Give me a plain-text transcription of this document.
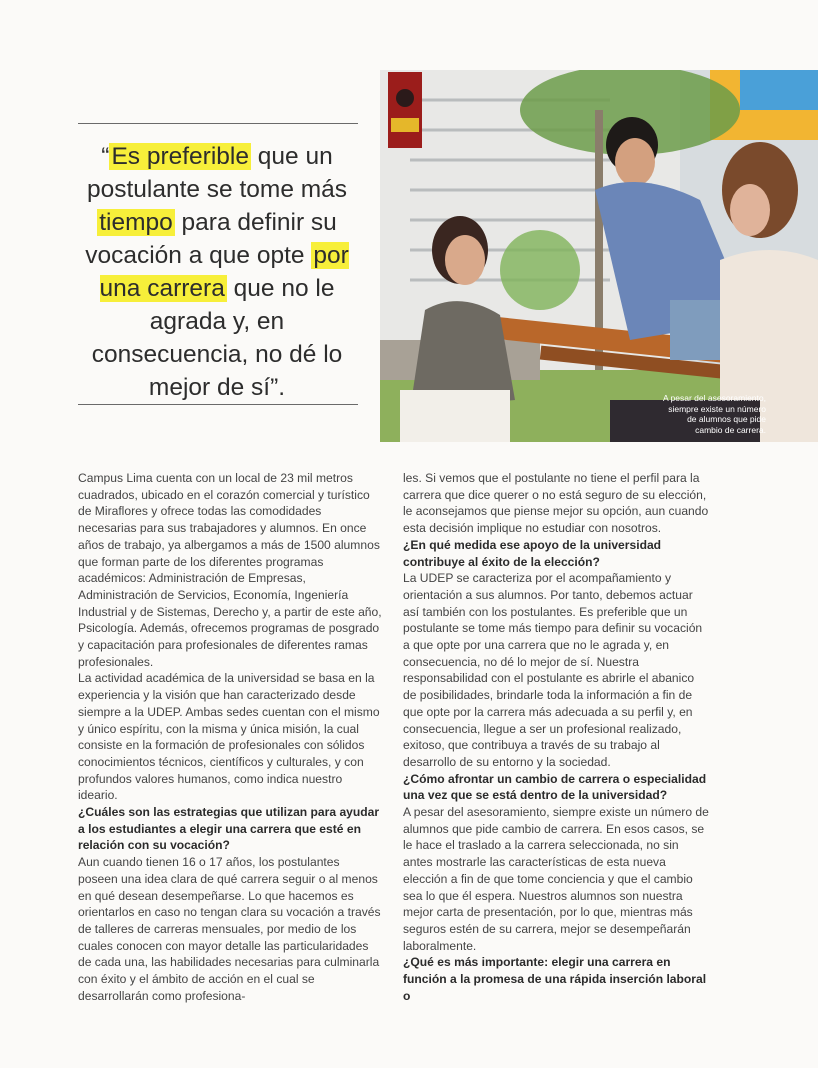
“Es preferible que un postulante se tome más tiempo para definir su vocación a que opte por una carrera que no le agrada y, en consecuencia, no dé lo mejor de sí”.	A pesar del asesoramiento,
siempre existe un número
de alumnos que pide
cambio de carrera.

Campus Lima cuenta con un local de 23 mil metros cuadrados, ubicado en el corazón comercial y turístico de Miraflores y ofrece todas las comodidades necesarias para sus trabajadores y alumnos. En once años de trabajo, ya albergamos a más de 1500 alumnos que forman parte de los diferentes programas académicos: Administración de Empresas, Administración de Servicios, Economía, Ingeniería Industrial y de Sistemas, Derecho y, a partir de este año, Psicología. Además, ofrecemos programas de posgrado y capacitación para profesionales de diferentes ramas profesionales.

La actividad académica de la universidad se basa en la experiencia y la visión que han caracterizado desde siempre a la UDEP. Ambas sedes cuentan con el mismo y único espíritu, con la misma y única misión, la cual consiste en la formación de profesionales con sólidos conocimientos técnicos, científicos y culturales, y con profundos valores humanos, como indica nuestro ideario.

¿Cuáles son las estrategias que utilizan para ayudar a los estudiantes a elegir una carrera que esté en relación con su vocación?

Aun cuando tienen 16 o 17 años, los postulantes poseen una idea clara de qué carrera seguir o al menos en qué desean desempeñarse. Lo que hacemos es orientarlos en caso no tengan clara su vocación a través de talleres de carreras mensuales, por medio de los cuales conocen con mayor detalle las particularidades de cada una, las habilidades necesarias para culminarla con éxito y el ámbito de acción en el cual se desarrollarán como profesiona-

les. Si vemos que el postulante no tiene el perfil para la carrera que dice querer o no está seguro de su elección, le aconsejamos que piense mejor su opción, aun cuando esta decisión implique no estudiar con nosotros.

¿En qué medida ese apoyo de la universidad contribuye al éxito de la elección?

La UDEP se caracteriza por el acompañamiento y orientación a sus alumnos. Por tanto, debemos actuar así también con los postulantes. Es preferible que un postulante se tome más tiempo para definir su vocación a que opte por una carrera que no le agrada y, en consecuencia, no dé lo mejor de sí. Nuestra responsabilidad con el postulante es abrirle el abanico de posibilidades, brindarle toda la información a fin de que opte por la carrera más adecuada a su perfil y, en consecuencia, llegue a ser un profesional realizado, exitoso, que contribuya a través de su trabajo al desarrollo de su entorno y la sociedad.

¿Cómo afrontar un cambio de carrera o especialidad una vez que se está dentro de la universidad?

A pesar del asesoramiento, siempre existe un número de alumnos que pide cambio de carrera. En esos casos, se le hace el traslado a la carrera seleccionada, no sin antes mostrarle las características de esta nueva elección a fin de que tome conciencia y que el cambio sea lo que él espera. Nuestros alumnos son nuestra mejor carta de presentación, por lo que, mientras más seguros estén de su carrera, mejor se desempeñarán laboralmente.

¿Qué es más importante: elegir una carrera en función a la promesa de una rápida inserción laboral o
